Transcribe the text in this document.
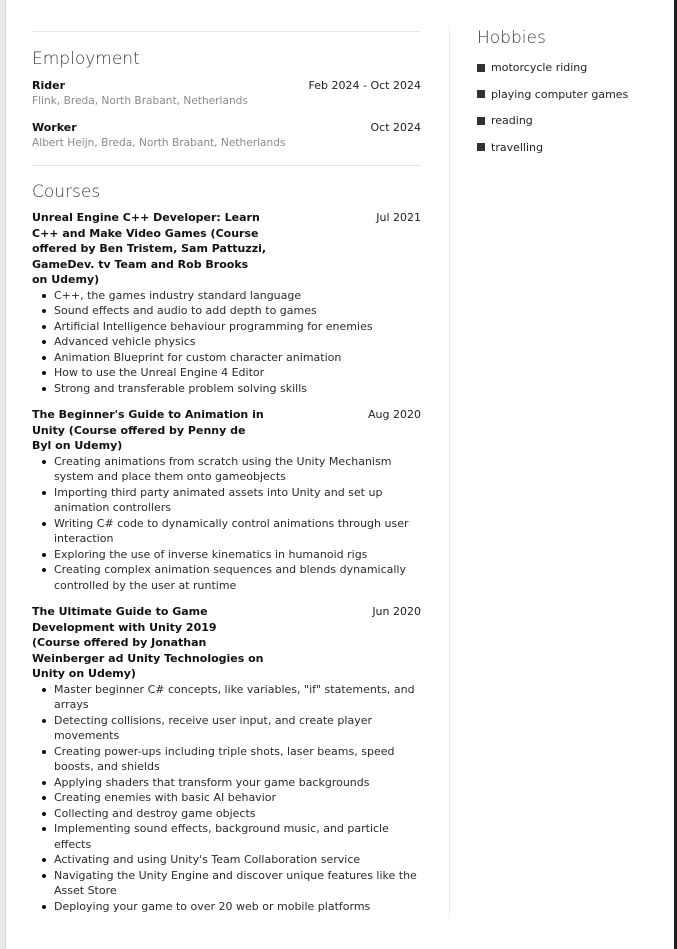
Employment
Rider	Feb 2024 - Oct 2024
Flink, Breda, North Brabant, Netherlands
Worker	Oct 2024
Albert Heijn, Breda, North Brabant, Netherlands
Courses
Unreal Engine C++ Developer: Learn C++ and Make Video Games (Course offered by Ben Tristem, Sam Pattuzzi, GameDev. tv Team and Rob Brooks on Udemy)
Jul 2021
C++, the games industry standard language
Sound effects and audio to add depth to games
Artificial Intelligence behaviour programming for enemies
Advanced vehicle physics
Animation Blueprint for custom character animation
How to use the Unreal Engine 4 Editor
Strong and transferable problem solving skills
The Beginner's Guide to Animation in Unity (Course offered by Penny de Byl on Udemy)
Aug 2020
Creating animations from scratch using the Unity Mechanism system and place them onto gameobjects
Importing third party animated assets into Unity and set up animation controllers
Writing C# code to dynamically control animations through user interaction
Exploring the use of inverse kinematics in humanoid rigs
Creating complex animation sequences and blends dynamically controlled by the user at runtime
The Ultimate Guide to Game Development with Unity 2019 (Course offered by Jonathan Weinberger ad Unity Technologies on Unity on Udemy)
Jun 2020
Master beginner C# concepts, like variables, "if" statements, and arrays
Detecting collisions, receive user input, and create player movements
Creating power-ups including triple shots, laser beams, speed boosts, and shields
Applying shaders that transform your game backgrounds
Creating enemies with basic AI behavior
Collecting and destroy game objects
Implementing sound effects, background music, and particle effects
Activating and using Unity's Team Collaboration service
Navigating the Unity Engine and discover unique features like the Asset Store
Deploying your game to over 20 web or mobile platforms
Hobbies
motorcycle riding
playing computer games
reading
travelling
